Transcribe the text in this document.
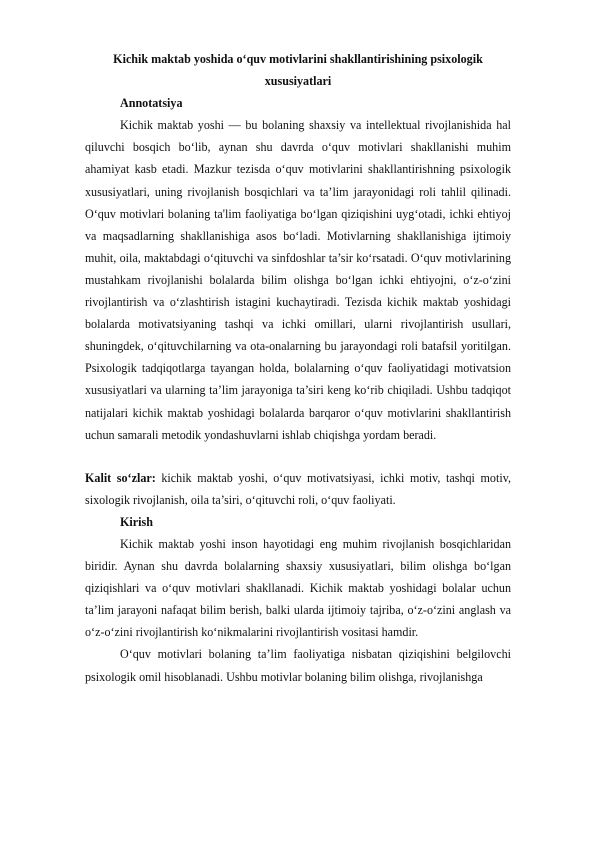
Kichik maktab yoshida o‘quv motivlarini shakllantirishining psixologik xususiyatlari

Annotatsiya

Kichik maktab yoshi — bu bolaning shaxsiy va intellektual rivojlanishida hal qiluvchi bosqich bo‘lib, aynan shu davrda o‘quv motivlari shakllanishi muhim ahamiyat kasb etadi. Mazkur tezisda o‘quv motivlarini shakllantirishning psixologik xususiyatlari, uning rivojlanish bosqichlari va ta’lim jarayonidagi roli tahlil qilinadi. O‘quv motivlari bolaning ta'lim faoliyatiga bo‘lgan qiziqishini uyg‘otadi, ichki ehtiyoj va maqsadlarning shakllanishiga asos bo‘ladi. Motivlarning shakllanishiga ijtimoiy muhit, oila, maktabdagi o‘qituvchi va sinfdoshlar ta’sir ko‘rsatadi. O‘quv motivlarining mustahkam rivojlanishi bolalarda bilim olishga bo‘lgan ichki ehtiyojni, o‘z-o‘zini rivojlantirish va o‘zlashtirish istagini kuchaytiradi. Tezisda kichik maktab yoshidagi bolalarda motivatsiyaning tashqi va ichki omillari, ularni rivojlantirish usullari, shuningdek, o‘qituvchilarning va ota-onalarning bu jarayondagi roli batafsil yoritilgan. Psixologik tadqiqotlarga tayangan holda, bolalarning o‘quv faoliyatidagi motivatsion xususiyatlari va ularning ta’lim jarayoniga ta’siri keng ko‘rib chiqiladi. Ushbu tadqiqot natijalari kichik maktab yoshidagi bolalarda barqaror o‘quv motivlarini shakllantirish uchun samarali metodik yondashuvlarni ishlab chiqishga yordam beradi.

Kalit so‘zlar: kichik maktab yoshi, o‘quv motivatsiyasi, ichki motiv, tashqi motiv, sixologik rivojlanish, oila ta’siri, o‘qituvchi roli, o‘quv faoliyati.

Kirish

Kichik maktab yoshi inson hayotidagi eng muhim rivojlanish bosqichlaridan biridir. Aynan shu davrda bolalarning shaxsiy xususiyatlari, bilim olishga bo‘lgan qiziqishlari va o‘quv motivlari shakllanadi. Kichik maktab yoshidagi bolalar uchun ta’lim jarayoni nafaqat bilim berish, balki ularda ijtimoiy tajriba, o‘z-o‘zini anglash va o‘z-o‘zini rivojlantirish ko‘nikmalarini rivojlantirish vositasi hamdir.

O‘quv motivlari bolaning ta’lim faoliyatiga nisbatan qiziqishini belgilovchi psixologik omil hisoblanadi. Ushbu motivlar bolaning bilim olishga, rivojlanishga
